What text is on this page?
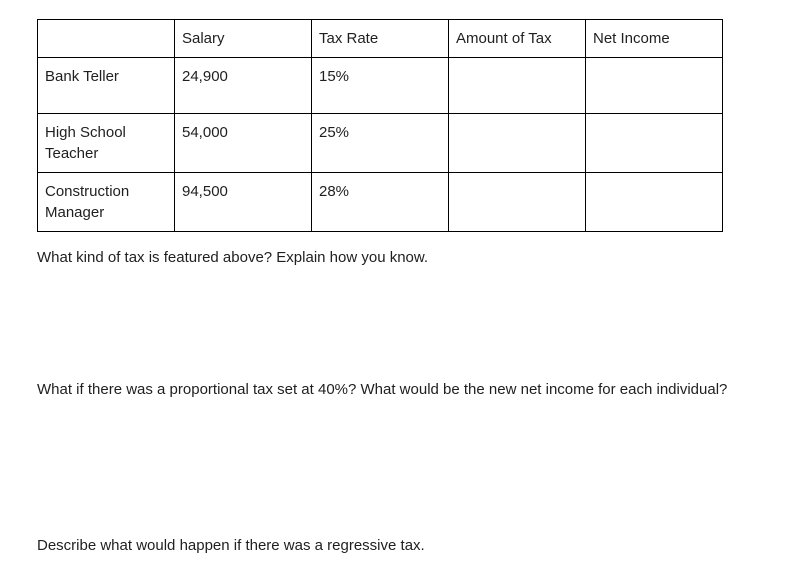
	Salary	Tax Rate	Amount of Tax	Net Income
Bank Teller	24,900	15%		
High School Teacher	54,000	25%		
Construction Manager	94,500	28%		

What kind of tax is featured above? Explain how you know.

What if there was a proportional tax set at 40%? What would be the new net income for each individual?

Describe what would happen if there was a regressive tax.
